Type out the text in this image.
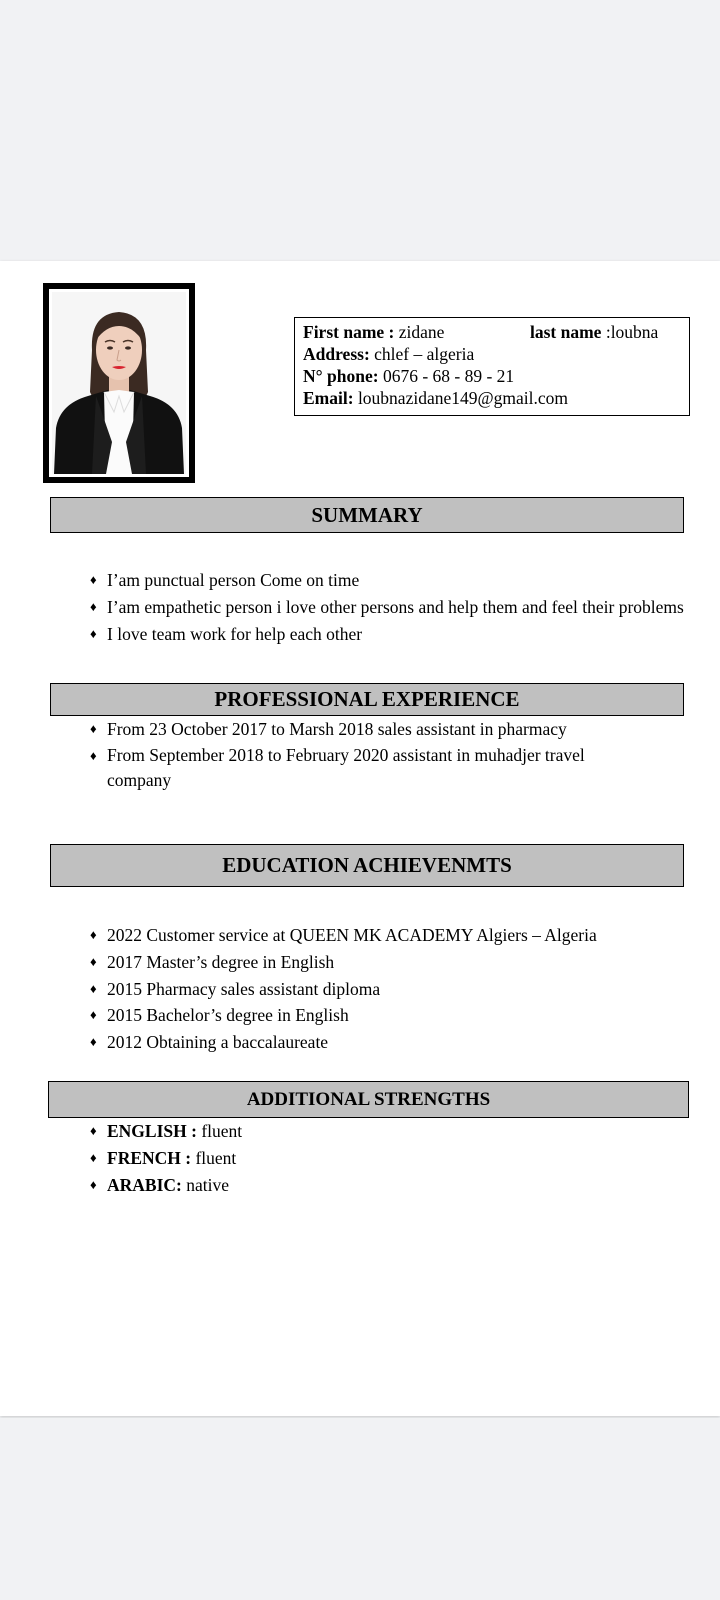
First name : zidane	last name :loubna
Address: chlef – algeria
N° phone: 0676 - 68 - 89 - 21
Email: loubnazidane149@gmail.com
SUMMARY
♦ I’am punctual person Come on time
♦ I’am empathetic person i love other persons and help them and feel their problems
♦ I love team work for help each other
PROFESSIONAL EXPERIENCE
♦ From 23 October 2017 to Marsh 2018 sales assistant in pharmacy
♦ From September 2018 to February 2020 assistant in muhadjer travel company
EDUCATION ACHIEVENMTS
♦ 2022 Customer service at QUEEN MK ACADEMY Algiers – Algeria
♦ 2017 Master’s degree in English
♦ 2015 Pharmacy sales assistant diploma
♦ 2015 Bachelor’s degree in English
♦ 2012 Obtaining a baccalaureate
ADDITIONAL STRENGTHS
♦ ENGLISH : fluent
♦ FRENCH : fluent
♦ ARABIC: native
